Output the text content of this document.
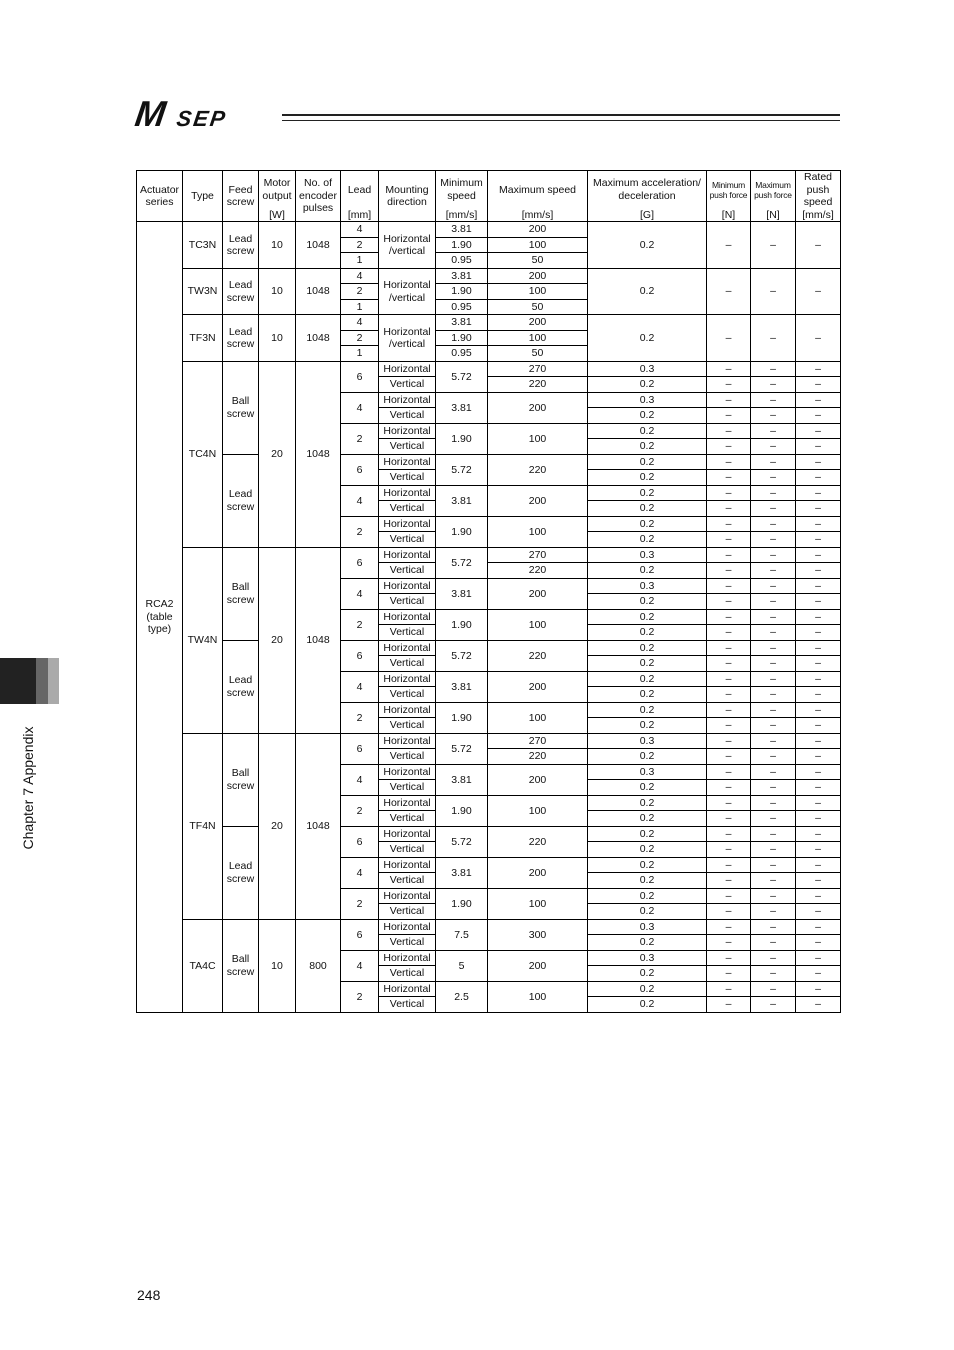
M SEP
Actuator series	Type	Feed screw	Motor output	No. of encoder pulses	Lead	Mounting direction	Minimum speed	Maximum speed	Maximum acceleration/ deceleration	Minimum push force	Maximum push force	Rated push speed
			[W]		[mm]		[mm/s]	[mm/s]	[G]	[N]	[N]	[mm/s]
RCA2 (table type)	TC3N	Lead screw	10	1048	4	Horizontal /vertical	3.81	200	0.2	–	–	–
					2		1.90	100				
					1		0.95	50				
	TW3N	Lead screw	10	1048	4	Horizontal /vertical	3.81	200	0.2	–	–	–
					2		1.90	100				
					1		0.95	50				
	TF3N	Lead screw	10	1048	4	Horizontal /vertical	3.81	200	0.2	–	–	–
					2		1.90	100				
					1		0.95	50				
	TC4N	Ball screw	20	1048	6	Horizontal	5.72	270	0.3	–	–	–
						Vertical		220	0.2	–	–	–
					4	Horizontal	3.81	200	0.3	–	–	–
						Vertical			0.2	–	–	–
					2	Horizontal	1.90	100	0.2	–	–	–
						Vertical			0.2	–	–	–
		Lead screw			6	Horizontal	5.72	220	0.2	–	–	–
						Vertical			0.2	–	–	–
					4	Horizontal	3.81	200	0.2	–	–	–
						Vertical			0.2	–	–	–
					2	Horizontal	1.90	100	0.2	–	–	–
						Vertical			0.2	–	–	–
	TW4N	Ball screw	20	1048	6	Horizontal	5.72	270	0.3	–	–	–
						Vertical		220	0.2	–	–	–
					4	Horizontal	3.81	200	0.3	–	–	–
						Vertical			0.2	–	–	–
					2	Horizontal	1.90	100	0.2	–	–	–
						Vertical			0.2	–	–	–
		Lead screw			6	Horizontal	5.72	220	0.2	–	–	–
						Vertical			0.2	–	–	–
					4	Horizontal	3.81	200	0.2	–	–	–
						Vertical			0.2	–	–	–
					2	Horizontal	1.90	100	0.2	–	–	–
						Vertical			0.2	–	–	–
	TF4N	Ball screw	20	1048	6	Horizontal	5.72	270	0.3	–	–	–
						Vertical		220	0.2	–	–	–
					4	Horizontal	3.81	200	0.3	–	–	–
						Vertical			0.2	–	–	–
					2	Horizontal	1.90	100	0.2	–	–	–
						Vertical			0.2	–	–	–
		Lead screw			6	Horizontal	5.72	220	0.2	–	–	–
						Vertical			0.2	–	–	–
					4	Horizontal	3.81	200	0.2	–	–	–
						Vertical			0.2	–	–	–
					2	Horizontal	1.90	100	0.2	–	–	–
						Vertical			0.2	–	–	–
	TA4C	Ball screw	10	800	6	Horizontal	7.5	300	0.3	–	–	–
						Vertical			0.2	–	–	–
					4	Horizontal	5	200	0.3	–	–	–
						Vertical			0.2	–	–	–
					2	Horizontal	2.5	100	0.2	–	–	–
						Vertical			0.2	–	–	–
Chapter 7 Appendix
248
